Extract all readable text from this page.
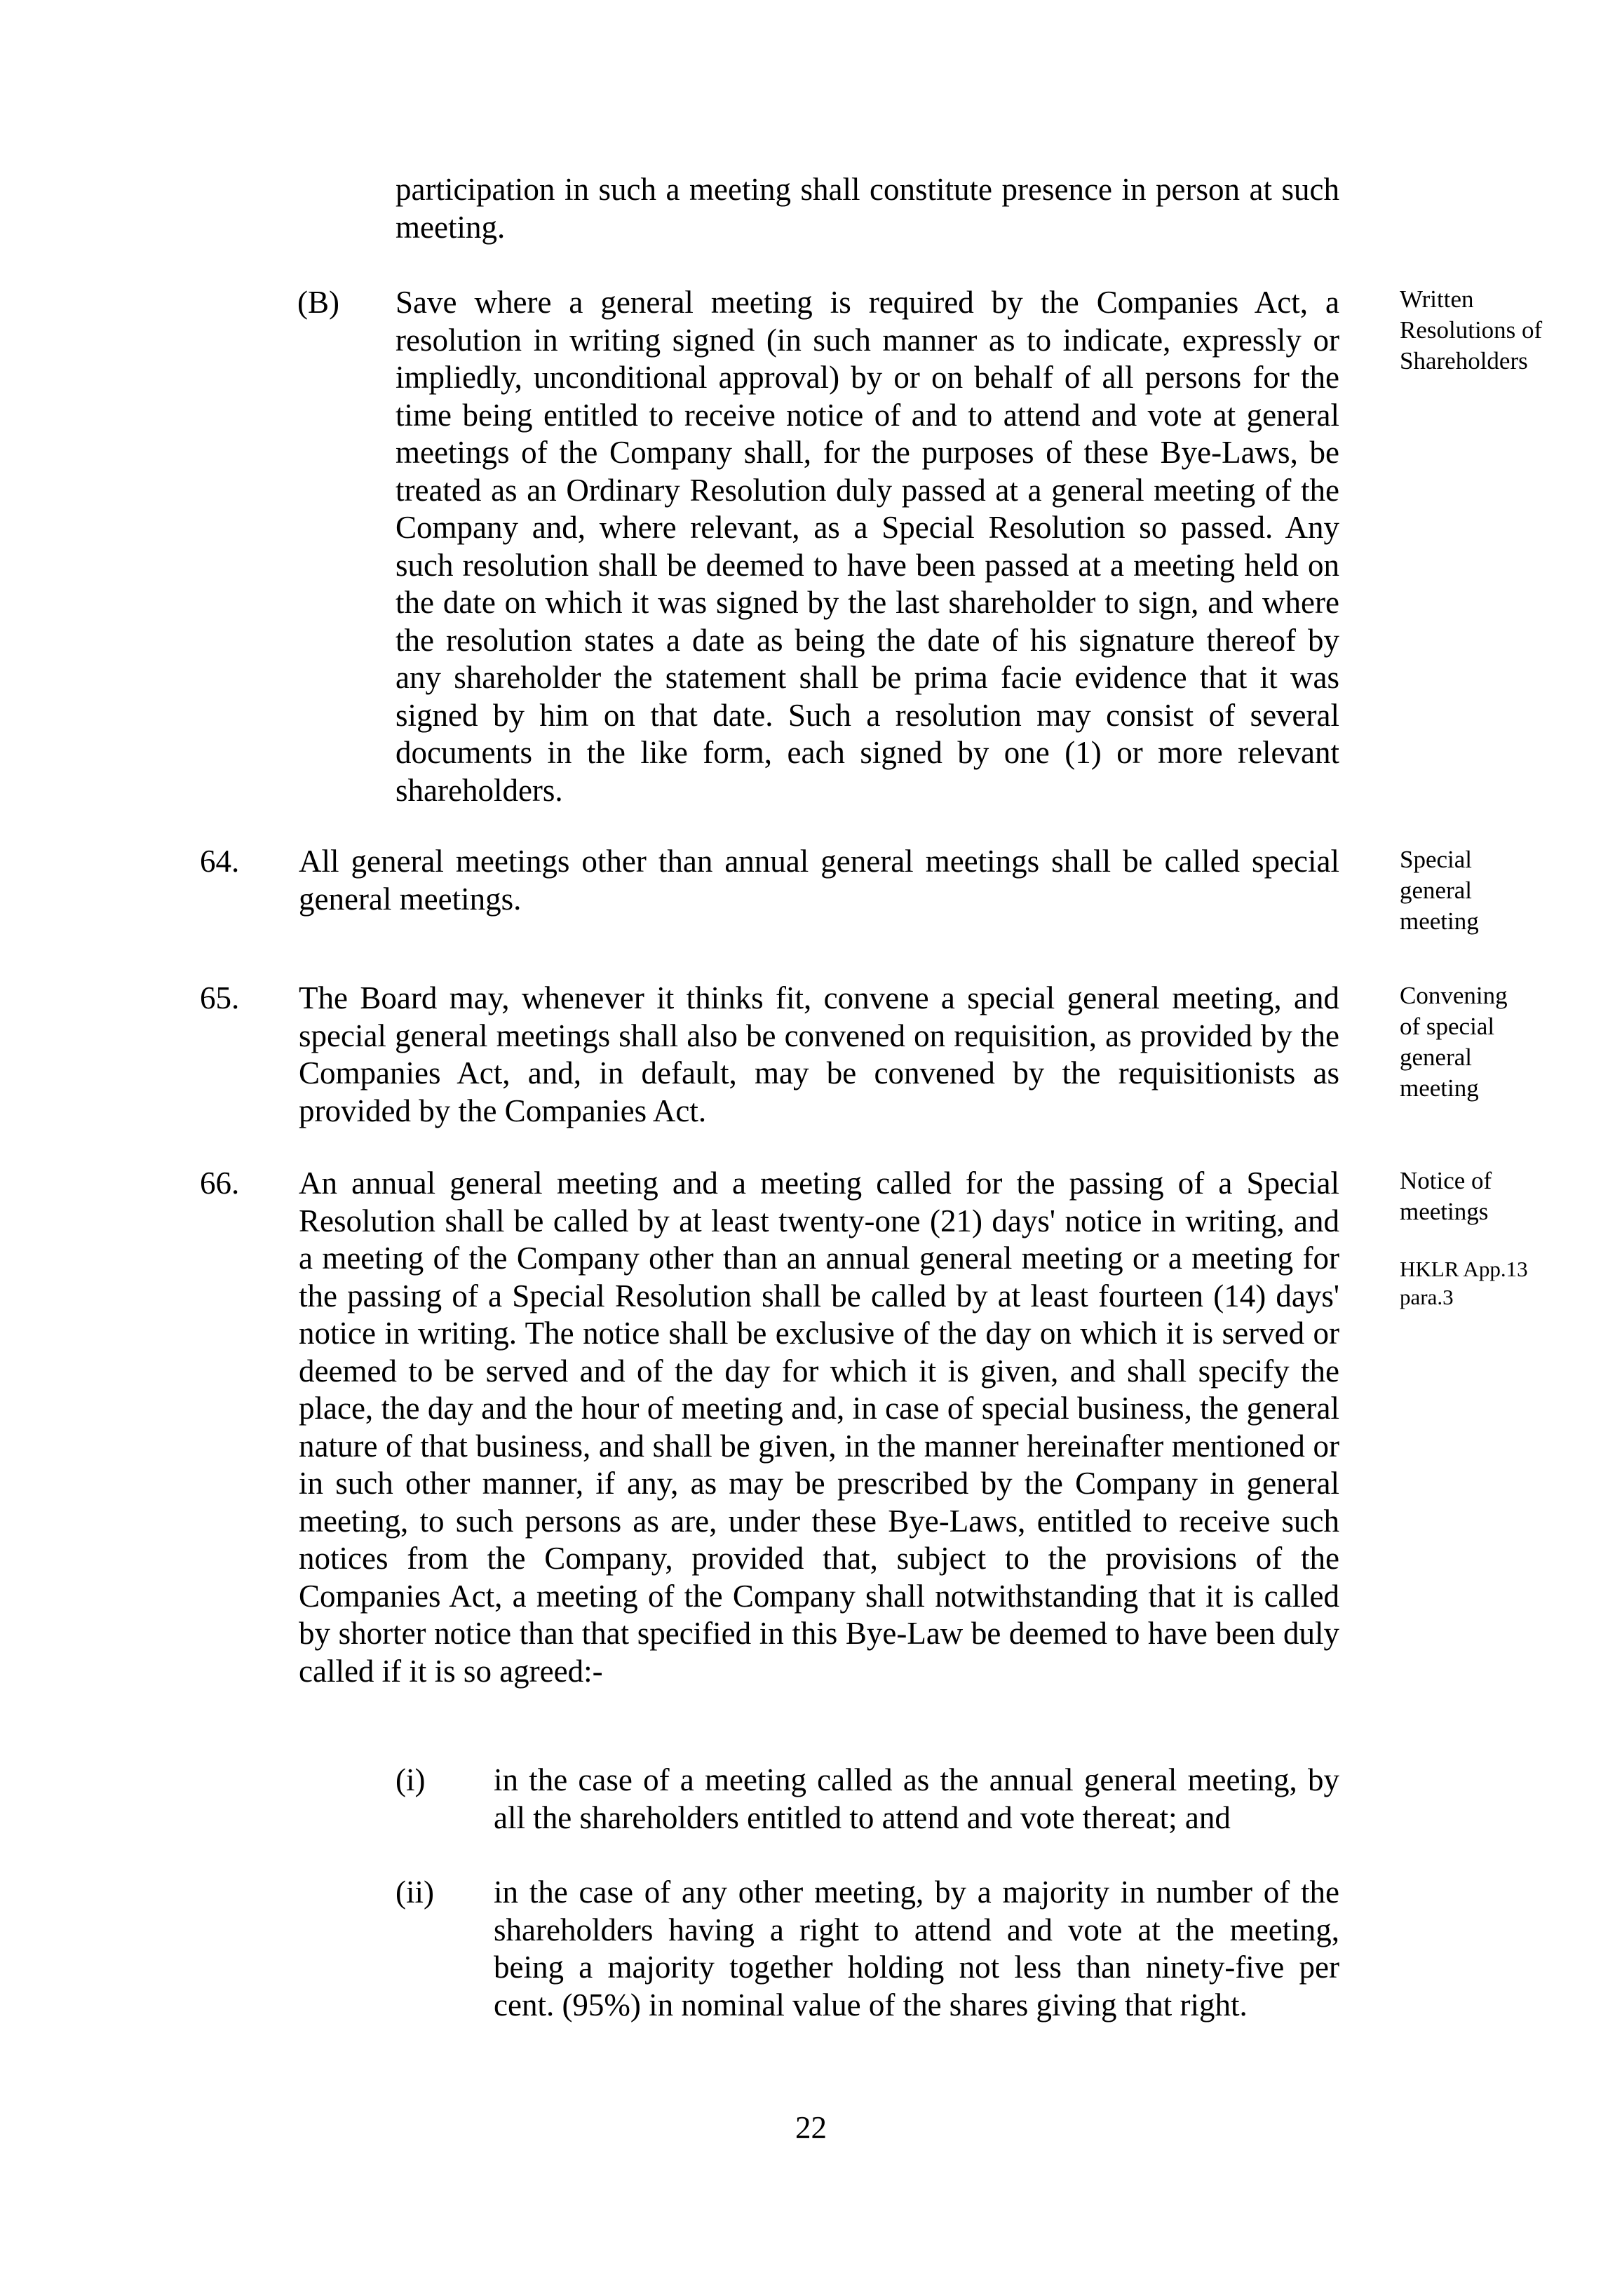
participation in such a meeting shall constitute presence in person at such meeting.

(B) Save where a general meeting is required by the Companies Act, a resolution in writing signed (in such manner as to indicate, expressly or impliedly, unconditional approval) by or on behalf of all persons for the time being entitled to receive notice of and to attend and vote at general meetings of the Company shall, for the purposes of these Bye-Laws, be treated as an Ordinary Resolution duly passed at a general meeting of the Company and, where relevant, as a Special Resolution so passed. Any such resolution shall be deemed to have been passed at a meeting held on the date on which it was signed by the last shareholder to sign, and where the resolution states a date as being the date of his signature thereof by any shareholder the statement shall be prima facie evidence that it was signed by him on that date. Such a resolution may consist of several documents in the like form, each signed by one (1) or more relevant shareholders.

Written Resolutions of Shareholders

64. All general meetings other than annual general meetings shall be called special general meetings.

Special general meeting

65. The Board may, whenever it thinks fit, convene a special general meeting, and special general meetings shall also be convened on requisition, as provided by the Companies Act, and, in default, may be convened by the requisitionists as provided by the Companies Act.

Convening of special general meeting

66. An annual general meeting and a meeting called for the passing of a Special Resolution shall be called by at least twenty-one (21) days' notice in writing, and a meeting of the Company other than an annual general meeting or a meeting for the passing of a Special Resolution shall be called by at least fourteen (14) days' notice in writing. The notice shall be exclusive of the day on which it is served or deemed to be served and of the day for which it is given, and shall specify the place, the day and the hour of meeting and, in case of special business, the general nature of that business, and shall be given, in the manner hereinafter mentioned or in such other manner, if any, as may be prescribed by the Company in general meeting, to such persons as are, under these Bye-Laws, entitled to receive such notices from the Company, provided that, subject to the provisions of the Companies Act, a meeting of the Company shall notwithstanding that it is called by shorter notice than that specified in this Bye-Law be deemed to have been duly called if it is so agreed:-

Notice of meetings

HKLR App.13 para.3

(i) in the case of a meeting called as the annual general meeting, by all the shareholders entitled to attend and vote thereat; and

(ii) in the case of any other meeting, by a majority in number of the shareholders having a right to attend and vote at the meeting, being a majority together holding not less than ninety-five per cent. (95%) in nominal value of the shares giving that right.

22
